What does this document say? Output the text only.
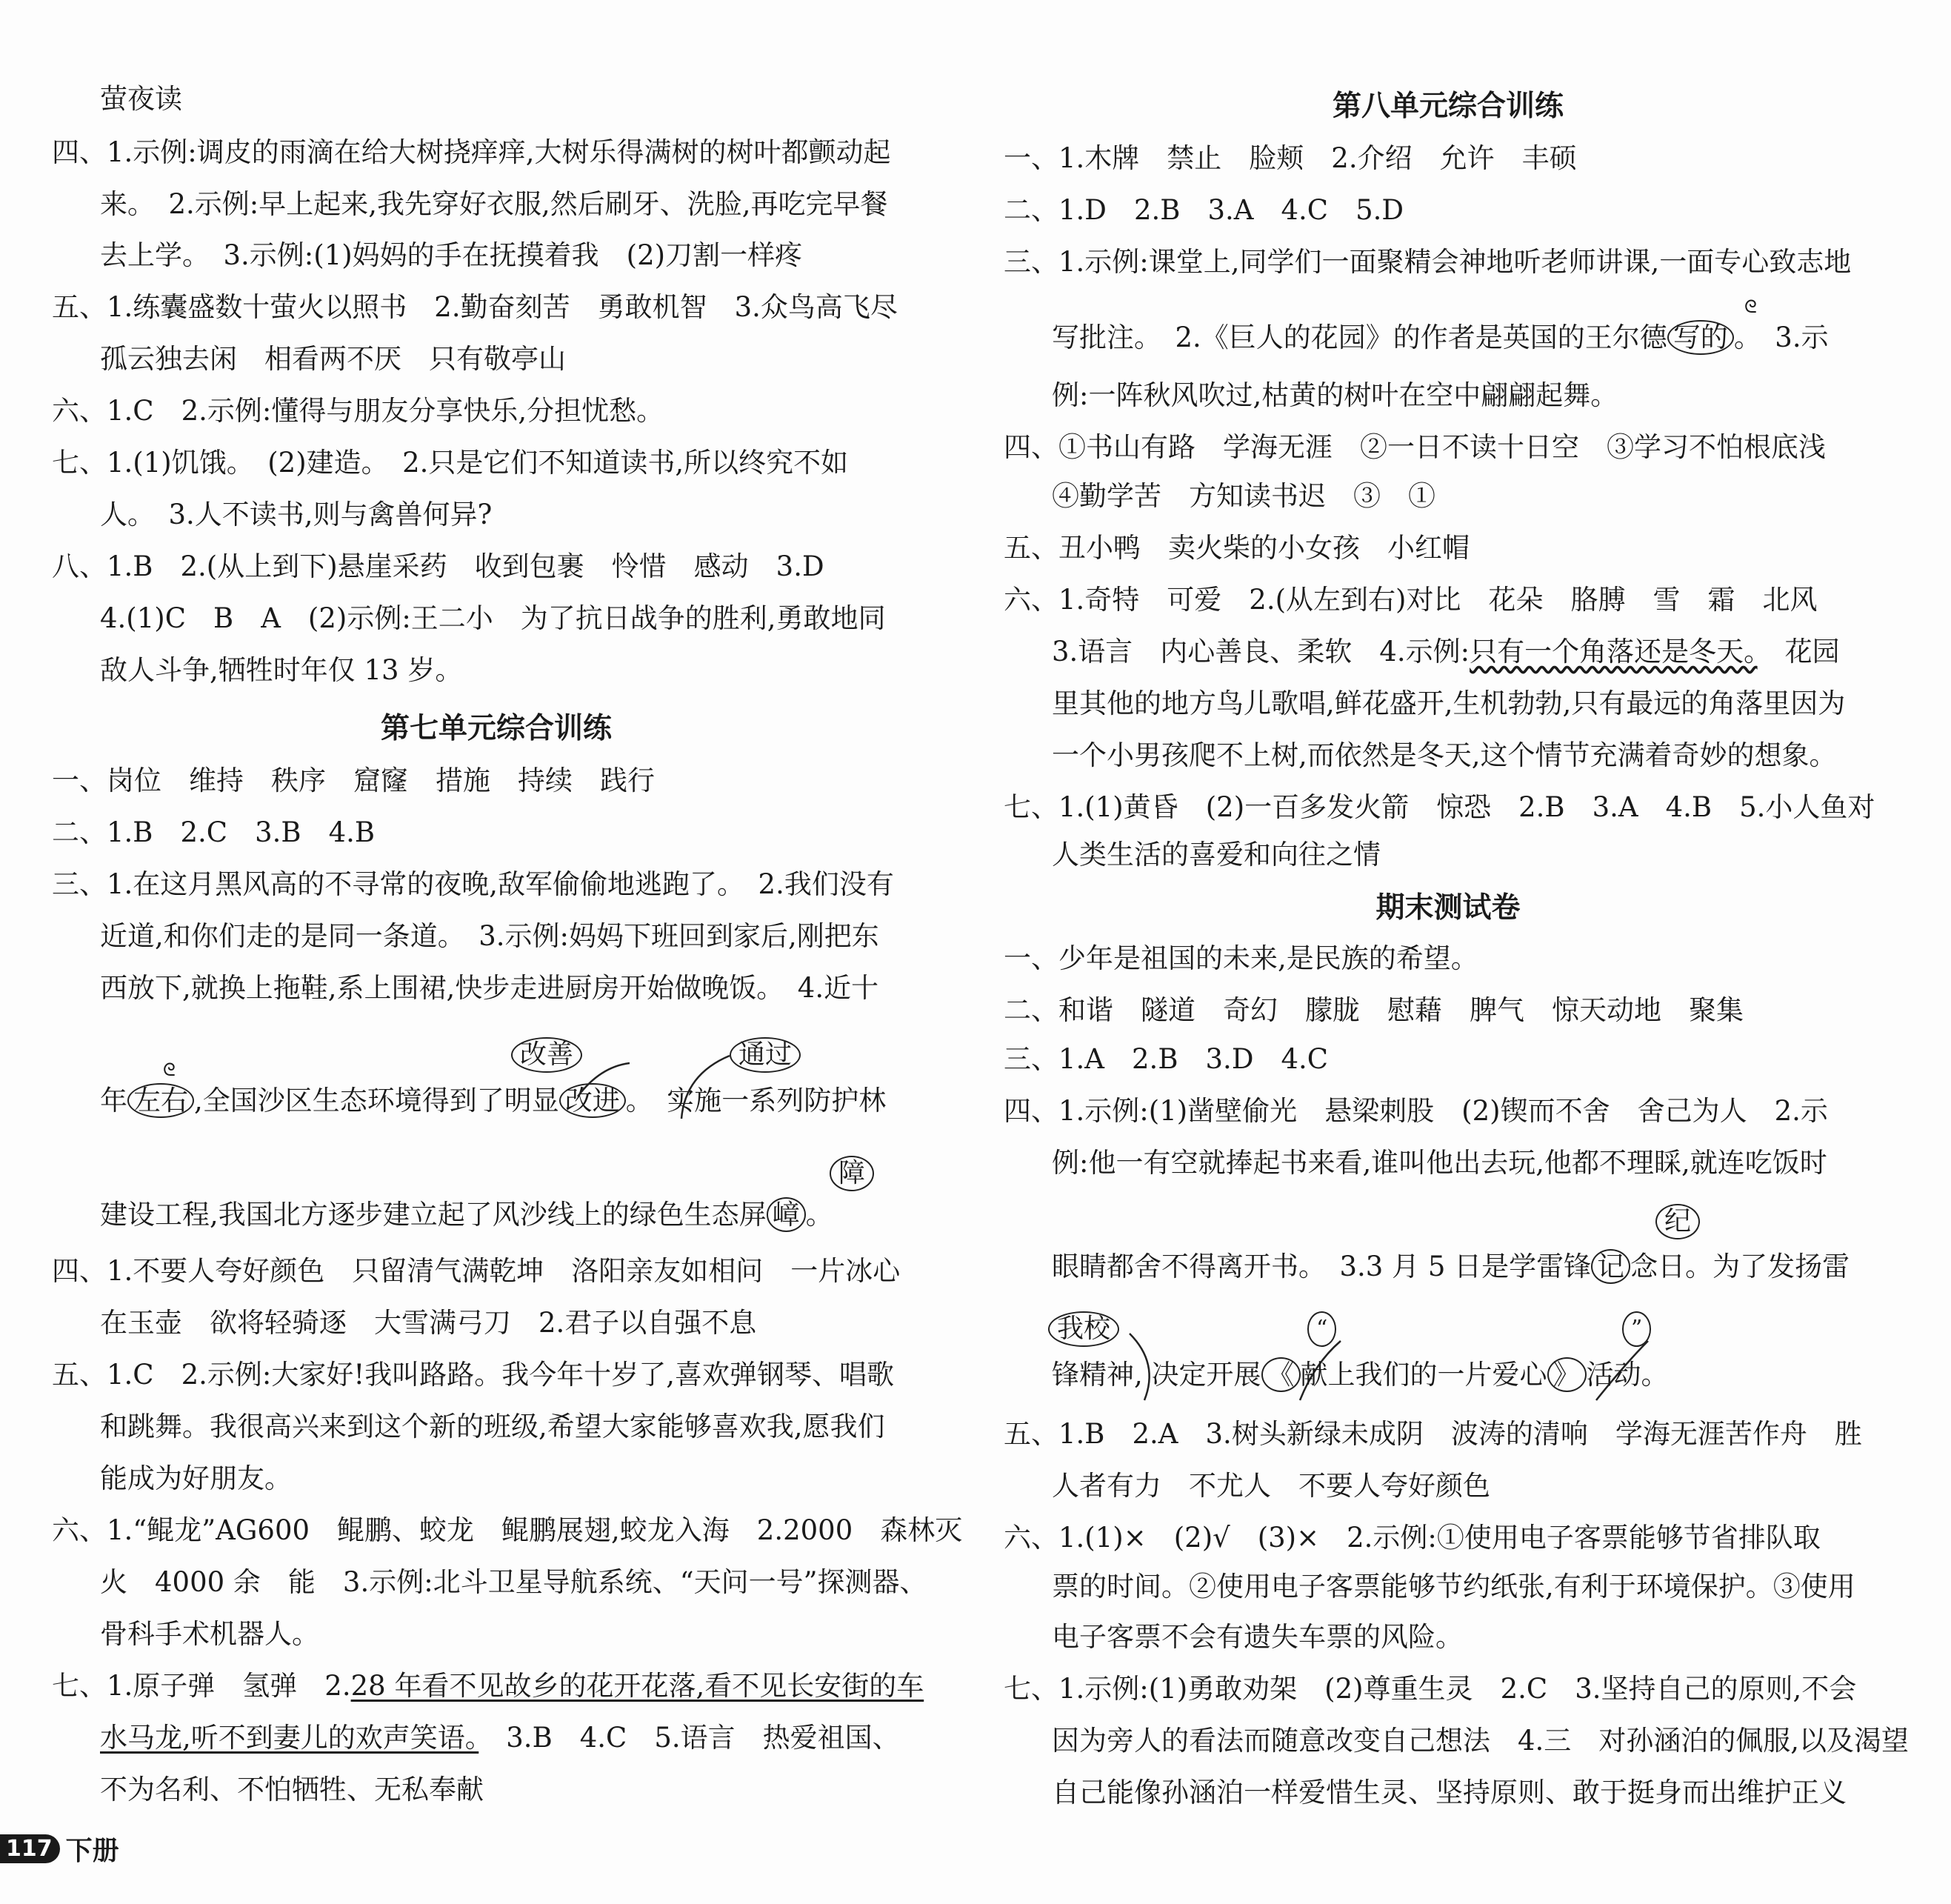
萤夜读
四、1.示例:调皮的雨滴在给大树挠痒痒,大树乐得满树的树叶都颤动起
来。　2.示例:早上起来,我先穿好衣服,然后刷牙、洗脸,再吃完早餐
去上学。　3.示例:(1)妈妈的手在抚摸着我　(2)刀割一样疼
五、1.练囊盛数十萤火以照书　2.勤奋刻苦　勇敢机智　3.众鸟高飞尽
孤云独去闲　相看两不厌　只有敬亭山
六、1.C　2.示例:懂得与朋友分享快乐,分担忧愁。
七、1.(1)饥饿。　(2)建造。　2.只是它们不知道读书,所以终究不如
人。　3.人不读书,则与禽兽何异?
八、1.B　2.(从上到下)悬崖采药　收到包裹　怜惜　感动　3.D
4.(1)C　B　A　(2)示例:王二小　为了抗日战争的胜利,勇敢地同
敌人斗争,牺牲时年仅 13 岁。
第七单元综合训练
一、岗位　维持　秩序　窟窿　措施　持续　践行
二、1.B　2.C　3.B　4.B
三、1.在这月黑风高的不寻常的夜晚,敌军偷偷地逃跑了。　2.我们没有
近道,和你们走的是同一条道。　3.示例:妈妈下班回到家后,刚把东
西放下,就换上拖鞋,系上围裙,快步走进厨房开始做晚饭。　4.近十
年 左右 ,全国沙区生态环境得到了明显 改进 。　实施一系列防护林
ᘓ	改善	通过
建设工程,我国北方逐步建立起了风沙线上的绿色生态屏 嶂 。
障
四、1.不要人夸好颜色　只留清气满乾坤　洛阳亲友如相问　一片冰心
在玉壶　欲将轻骑逐　大雪满弓刀　2.君子以自强不息
五、1.C　2.示例:大家好!我叫路路。我今年十岁了,喜欢弹钢琴、唱歌
和跳舞。我很高兴来到这个新的班级,希望大家能够喜欢我,愿我们
能成为好朋友。
六、1.“鲲龙”AG600　鲲鹏、蛟龙　鲲鹏展翅,蛟龙入海　2.2000　森林灭
火　4000 余　能　3.示例:北斗卫星导航系统、“天问一号”探测器、
骨科手术机器人。
七、1.原子弹　氢弹　2.28 年看不见故乡的花开花落,看不见长安街的车
水马龙,听不到妻儿的欢声笑语。　3.B　4.C　5.语言　热爱祖国、
不为名利、不怕牺牲、无私奉献
117 下册
第八单元综合训练
一、1.木牌　禁止　脸颊　2.介绍　允许　丰硕
二、1.D　2.B　3.A　4.C　5.D
三、1.示例:课堂上,同学们一面聚精会神地听老师讲课,一面专心致志地
写批注。　2.《巨人的花园》的作者是英国的王尔德 写的 。　3.示
ᘓ
例:一阵秋风吹过,枯黄的树叶在空中翩翩起舞。
四、①书山有路　学海无涯　②一日不读十日空　③学习不怕根底浅
④勤学苦　方知读书迟　③　①
五、丑小鸭　卖火柴的小女孩　小红帽
六、1.奇特　可爱　2.(从左到右)对比　花朵　胳膊　雪　霜　北风
3.语言　内心善良、柔软　4.示例:只有一个角落还是冬天。　花园
里其他的地方鸟儿歌唱,鲜花盛开,生机勃勃,只有最远的角落里因为
一个小男孩爬不上树,而依然是冬天,这个情节充满着奇妙的想象。
七、1.(1)黄昏　(2)一百多发火箭　惊恐　2.B　3.A　4.B　5.小人鱼对
人类生活的喜爱和向往之情
期末测试卷
一、少年是祖国的未来,是民族的希望。
二、和谐　隧道　奇幻　朦胧　慰藉　脾气　惊天动地　聚集
三、1.A　2.B　3.D　4.C
四、1.示例:(1)凿壁偷光　悬梁刺股　(2)锲而不舍　舍己为人　2.示
例:他一有空就捧起书来看,谁叫他出去玩,他都不理睬,就连吃饭时
眼睛都舍不得离开书。　3.3 月 5 日是学雷锋 记 念日。为了发扬雷
纪
我校	“	”
锋精神, 决定开展 《 献上我们的一片爱心 》 活动。
五、1.B　2.A　3.树头新绿未成阴　波涛的清响　学海无涯苦作舟　胜
人者有力　不尤人　不要人夸好颜色
六、1.(1)×　(2)√　(3)×　2.示例:①使用电子客票能够节省排队取
票的时间。②使用电子客票能够节约纸张,有利于环境保护。③使用
电子客票不会有遗失车票的风险。
七、1.示例:(1)勇敢劝架　(2)尊重生灵　2.C　3.坚持自己的原则,不会
因为旁人的看法而随意改变自己想法　4.三　对孙涵泊的佩服,以及渴望
自己能像孙涵泊一样爱惜生灵、坚持原则、敢于挺身而出维护正义
